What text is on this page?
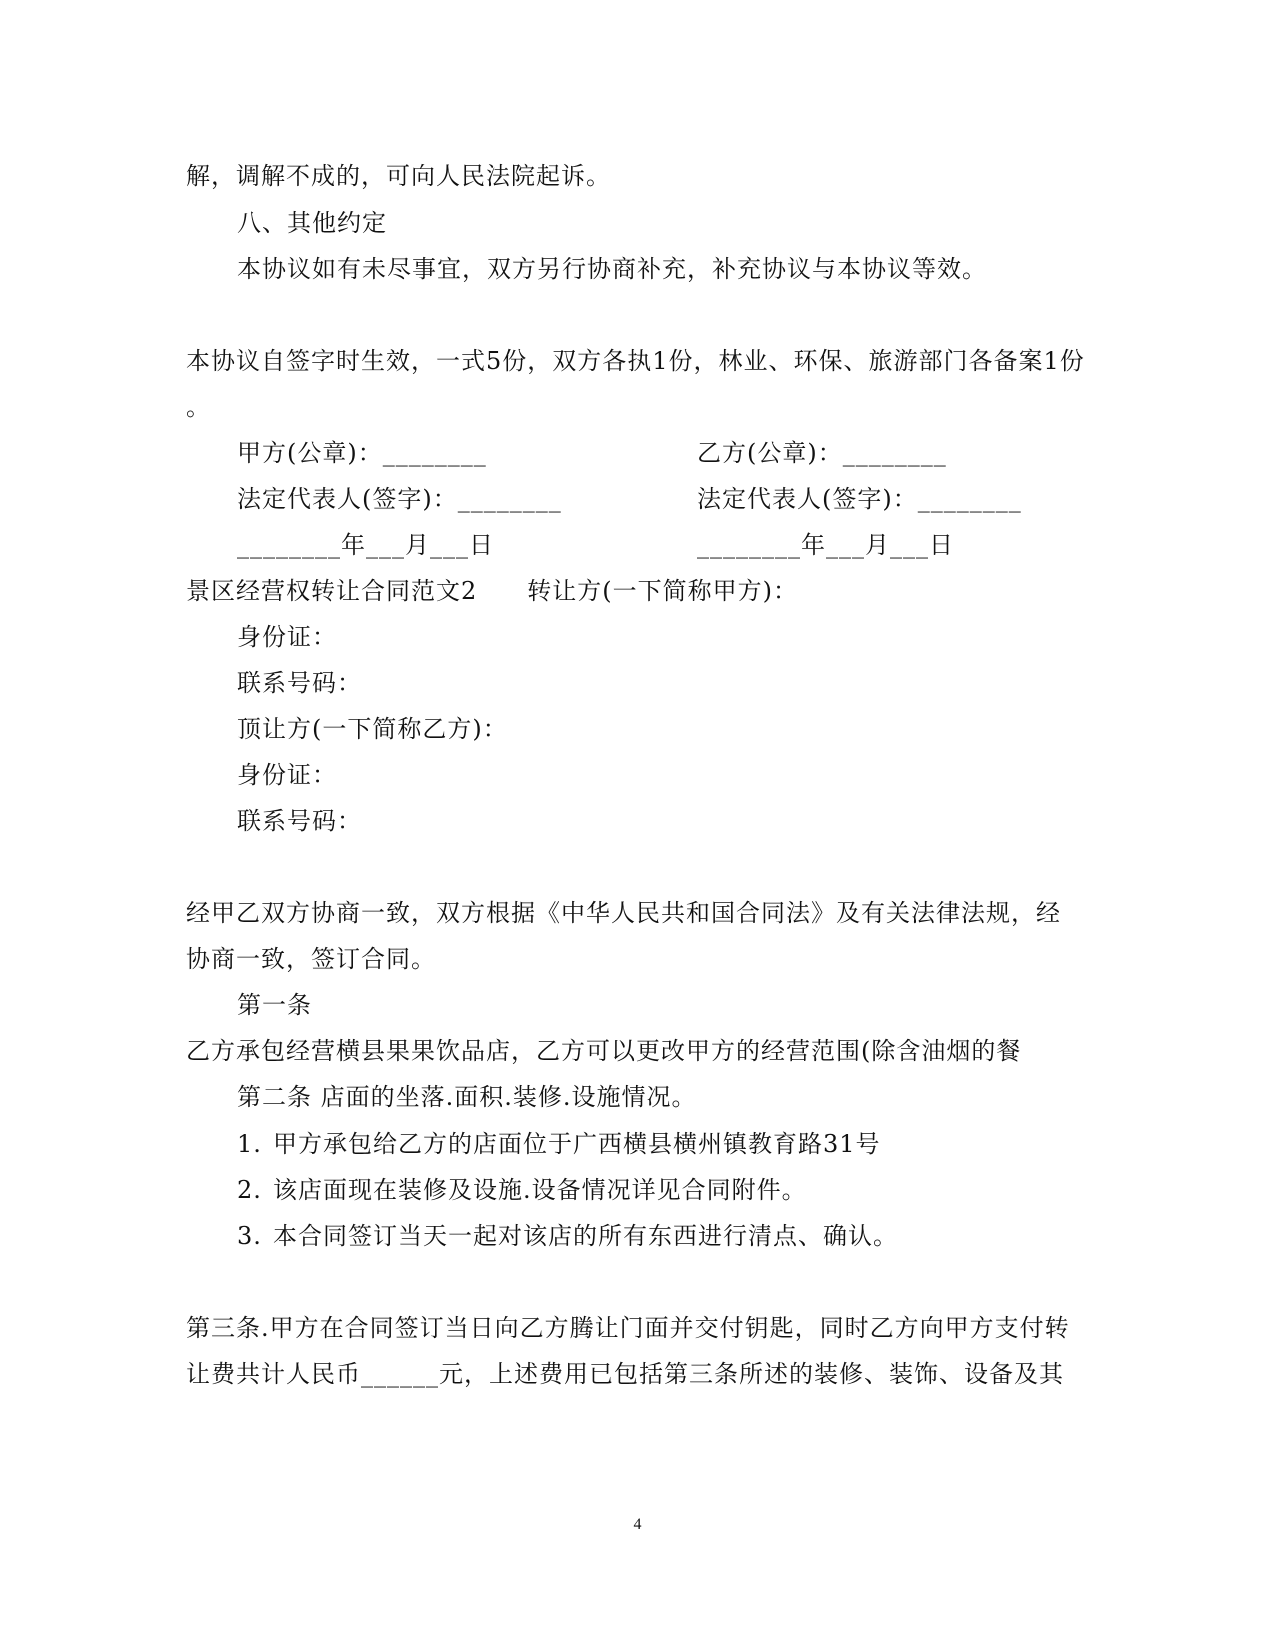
解，调解不成的，可向人民法院起诉。
八、其他约定
本协议如有未尽事宜，双方另行协商补充，补充协议与本协议等效。
本协议自签字时生效，一式5份，双方各执1份，林业、环保、旅游部门各备案1份
。
甲方(公章)：________	乙方(公章)：________
法定代表人(签字)：________	法定代表人(签字)：________
________年___月___日	________年___月___日
景区经营权转让合同范文2　　转让方(一下简称甲方)：
身份证：
联系号码：
顶让方(一下简称乙方)：
身份证：
联系号码：
经甲乙双方协商一致，双方根据《中华人民共和国合同法》及有关法律法规，经
协商一致，签订合同。
第一条
乙方承包经营横县果果饮品店，乙方可以更改甲方的经营范围(除含油烟的餐
第二条 店面的坐落.面积.装修.设施情况。
1. 甲方承包给乙方的店面位于广西横县横州镇教育路31号
2. 该店面现在装修及设施.设备情况详见合同附件。
3. 本合同签订当天一起对该店的所有东西进行清点、确认。
第三条.甲方在合同签订当日向乙方腾让门面并交付钥匙，同时乙方向甲方支付转
让费共计人民币______元，上述费用已包括第三条所述的装修、装饰、设备及其
4
